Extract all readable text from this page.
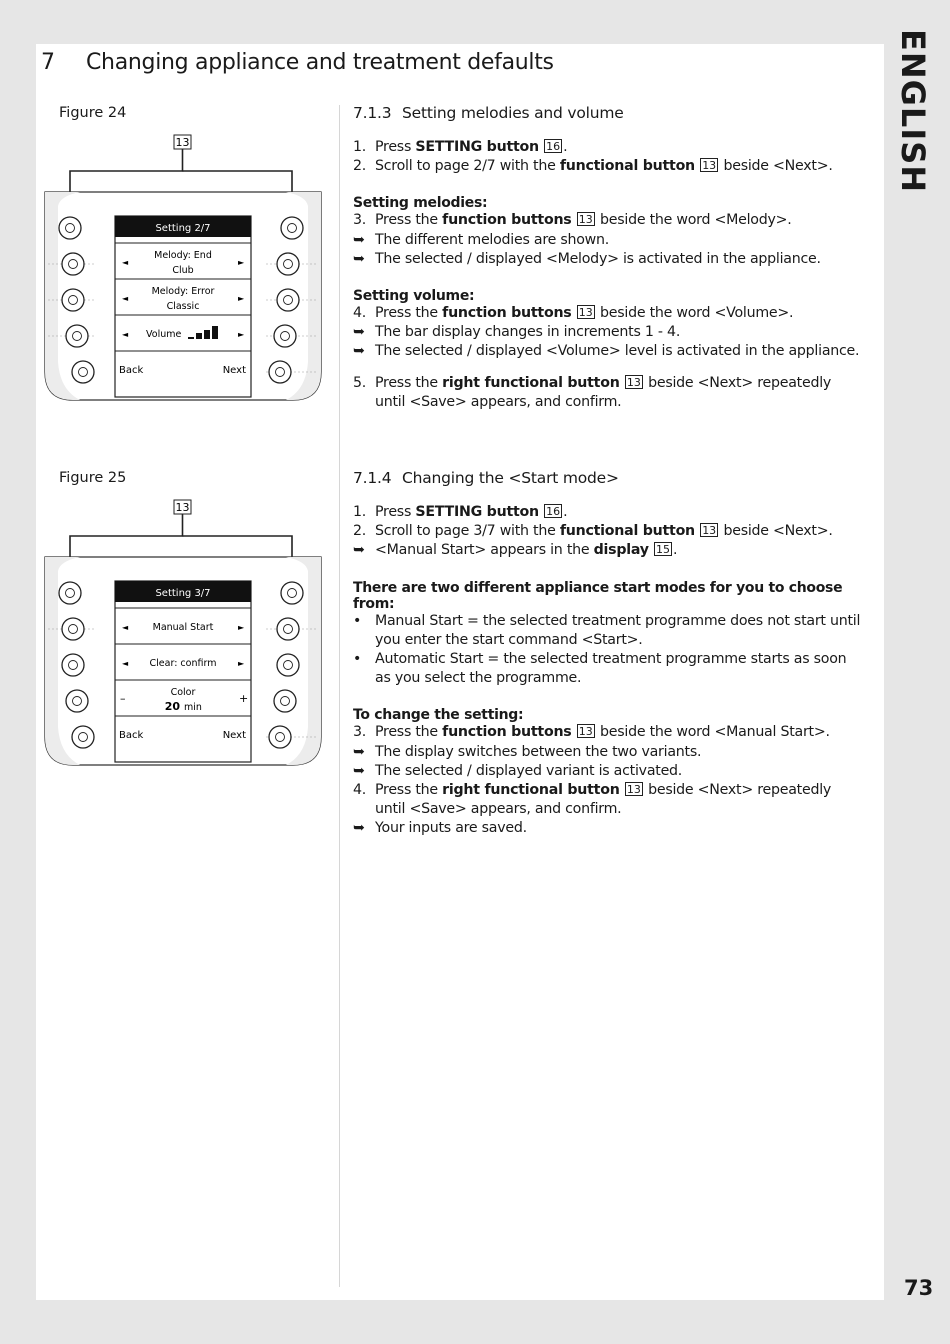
7 Changing appliance and treatment defaults	ENGLISH
73
Figure 24
13
Setting 2/7
◄	►
Melody: End
Club
◄	►
Melody: Error
Classic
◄	►
Volume
Back	Next
Figure 25
13
Setting 3/7
◄	►
Manual Start
◄	►
Clear: confirm
–	+
Color
20 min
Back	Next
7.1.3 Setting melodies and volume
1. Press SETTING button 16 .
2. Scroll to page 2/7 with the functional button 13 beside <Next>.
Setting melodies:
3. Press the function buttons 13 beside the word <Melody>.
➥ The different melodies are shown.
➥ The selected / displayed <Melody> is activated in the appliance.
Setting volume:
4. Press the function buttons 13 beside the word <Volume>.
➥ The bar display changes in increments 1 - 4.
➥ The selected / displayed <Volume> level is activated in the appliance.
5. Press the right functional button 13 beside <Next> repeatedly until <Save> appears, and confirm.
7.1.4 Changing the <Start mode>
1. Press SETTING button 16 .
2. Scroll to page 3/7 with the functional button 13 beside <Next>.
➥ <Manual Start> appears in the display 15 .
There are two different appliance start modes for you to choose from:
• Manual Start = the selected treatment programme does not start until you enter the start command <Start>.
• Automatic Start = the selected treatment programme starts as soon as you select the programme.
To change the setting:
3. Press the function buttons 13 beside the word <Manual Start>.
➥ The display switches between the two variants.
➥ The selected / displayed variant is activated.
4. Press the right functional button 13 beside <Next> repeatedly until <Save> appears, and confirm.
➥ Your inputs are saved.
